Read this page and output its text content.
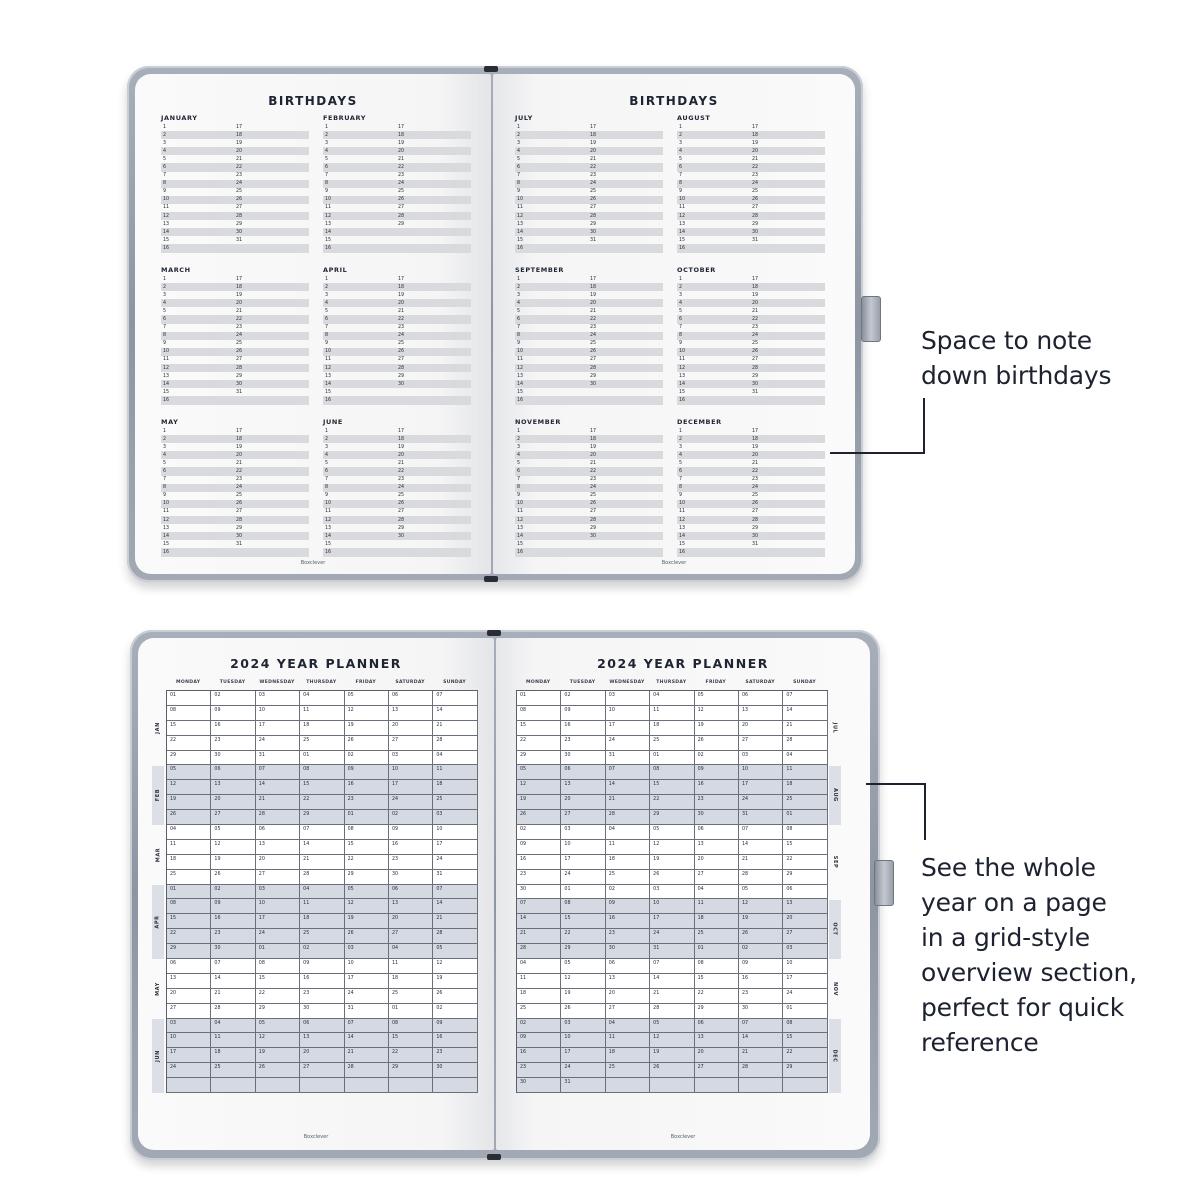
BIRTHDAYS
JANUARY
1	17
2	18
3	19
4	20
5	21
6	22
7	23
8	24
9	25
10	26
11	27
12	28
13	29
14	30
15	31
16
FEBRUARY
1	17
2	18
3	19
4	20
5	21
6	22
7	23
8	24
9	25
10	26
11	27
12	28
13	29
14
15
16
MARCH
1	17
2	18
3	19
4	20
5	21
6	22
7	23
8	24
9	25
10	26
11	27
12	28
13	29
14	30
15	31
16
APRIL
1	17
2	18
3	19
4	20
5	21
6	22
7	23
8	24
9	25
10	26
11	27
12	28
13	29
14	30
15
16
MAY
1	17
2	18
3	19
4	20
5	21
6	22
7	23
8	24
9	25
10	26
11	27
12	28
13	29
14	30
15	31
16
JUNE
1	17
2	18
3	19
4	20
5	21
6	22
7	23
8	24
9	25
10	26
11	27
12	28
13	29
14	30
15
16
Boxclever
BIRTHDAYS
JULY
1	17
2	18
3	19
4	20
5	21
6	22
7	23
8	24
9	25
10	26
11	27
12	28
13	29
14	30
15	31
16
AUGUST
1	17
2	18
3	19
4	20
5	21
6	22
7	23
8	24
9	25
10	26
11	27
12	28
13	29
14	30
15	31
16
SEPTEMBER
1	17
2	18
3	19
4	20
5	21
6	22
7	23
8	24
9	25
10	26
11	27
12	28
13	29
14	30
15
16
OCTOBER
1	17
2	18
3	19
4	20
5	21
6	22
7	23
8	24
9	25
10	26
11	27
12	28
13	29
14	30
15	31
16
NOVEMBER
1	17
2	18
3	19
4	20
5	21
6	22
7	23
8	24
9	25
10	26
11	27
12	28
13	29
14	30
15
16
DECEMBER
1	17
2	18
3	19
4	20
5	21
6	22
7	23
8	24
9	25
10	26
11	27
12	28
13	29
14	30
15	31
16
Boxclever
2024 YEAR PLANNER
MONDAY	TUESDAY	WEDNESDAY	THURSDAY	FRIDAY	SATURDAY	SUNDAY
01	02	03	04	05	06	07
08	09	10	11	12	13	14
15	16	17	18	19	20	21
22	23	24	25	26	27	28
29	30	31	01	02	03	04
05	06	07	08	09	10	11
12	13	14	15	16	17	18
19	20	21	22	23	24	25
26	27	28	29	01	02	03
04	05	06	07	08	09	10
11	12	13	14	15	16	17
18	19	20	21	22	23	24
25	26	27	28	29	30	31
01	02	03	04	05	06	07
08	09	10	11	12	13	14
15	16	17	18	19	20	21
22	23	24	25	26	27	28
29	30	01	02	03	04	05
06	07	08	09	10	11	12
13	14	15	16	17	18	19
20	21	22	23	24	25	26
27	28	29	30	31	01	02
03	04	05	06	07	08	09
10	11	12	13	14	15	16
17	18	19	20	21	22	23
24	25	26	27	28	29	30
JAN
FEB
MAR
APR
MAY
JUN
Boxclever
2024 YEAR PLANNER
MONDAY	TUESDAY	WEDNESDAY	THURSDAY	FRIDAY	SATURDAY	SUNDAY
01	02	03	04	05	06	07
08	09	10	11	12	13	14
15	16	17	18	19	20	21
22	23	24	25	26	27	28
29	30	31	01	02	03	04
05	06	07	08	09	10	11
12	13	14	15	16	17	18
19	20	21	22	23	24	25
26	27	28	29	30	31	01
02	03	04	05	06	07	08
09	10	11	12	13	14	15
16	17	18	19	20	21	22
23	24	25	26	27	28	29
30	01	02	03	04	05	06
07	08	09	10	11	12	13
14	15	16	17	18	19	20
21	22	23	24	25	26	27
28	29	30	31	01	02	03
04	05	06	07	08	09	10
11	12	13	14	15	16	17
18	19	20	21	22	23	24
25	26	27	28	29	30	01
02	03	04	05	06	07	08
09	10	11	12	13	14	15
16	17	18	19	20	21	22
23	24	25	26	27	28	29
30	31
JUL
AUG
SEP
OCT
NOV
DEC
Boxclever
Space to note
down birthdays
See the whole
year on a page
in a grid-style
overview section,
perfect for quick
reference
